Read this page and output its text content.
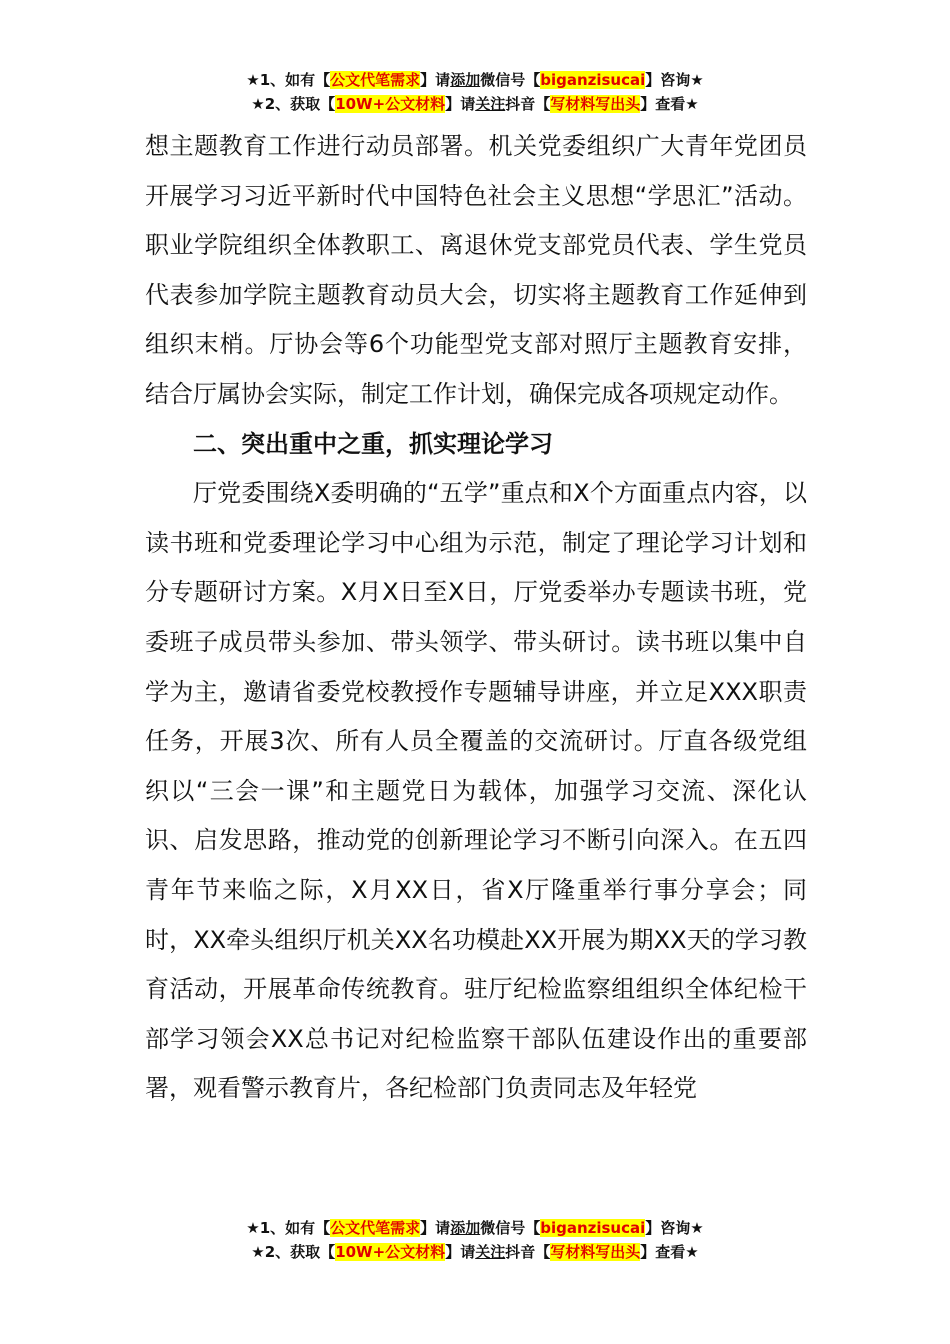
★1、如有【公文代笔需求】请添加微信号【biganzisucai】咨询★
★2、获取【10W+公文材料】请关注抖音【写材料写出头】查看★

想主题教育工作进行动员部署。机关党委组织广大青年党团员开展学习习近平新时代中国特色社会主义思想“学思汇”活动。职业学院组织全体教职工、离退休党支部党员代表、学生党员代表参加学院主题教育动员大会，切实将主题教育工作延伸到组织末梢。厅协会等6个功能型党支部对照厅主题教育安排，结合厅属协会实际，制定工作计划，确保完成各项规定动作。

二、突出重中之重，抓实理论学习

厅党委围绕X委明确的“五学”重点和X个方面重点内容，以读书班和党委理论学习中心组为示范，制定了理论学习计划和分专题研讨方案。X月X日至X日，厅党委举办专题读书班，党委班子成员带头参加、带头领学、带头研讨。读书班以集中自学为主，邀请省委党校教授作专题辅导讲座，并立足XXX职责任务，开展3次、所有人员全覆盖的交流研讨。厅直各级党组织以“三会一课”和主题党日为载体，加强学习交流、深化认识、启发思路，推动党的创新理论学习不断引向深入。在五四青年节来临之际，X月XX日，省X厅隆重举行事分享会；同时，XX牵头组织厅机关XX名功模赴XX开展为期XX天的学习教育活动，开展革命传统教育。驻厅纪检监察组组织全体纪检干部学习领会XX总书记对纪检监察干部队伍建设作出的重要部署，观看警示教育片，各纪检部门负责同志及年轻党

★1、如有【公文代笔需求】请添加微信号【biganzisucai】咨询★
★2、获取【10W+公文材料】请关注抖音【写材料写出头】查看★
